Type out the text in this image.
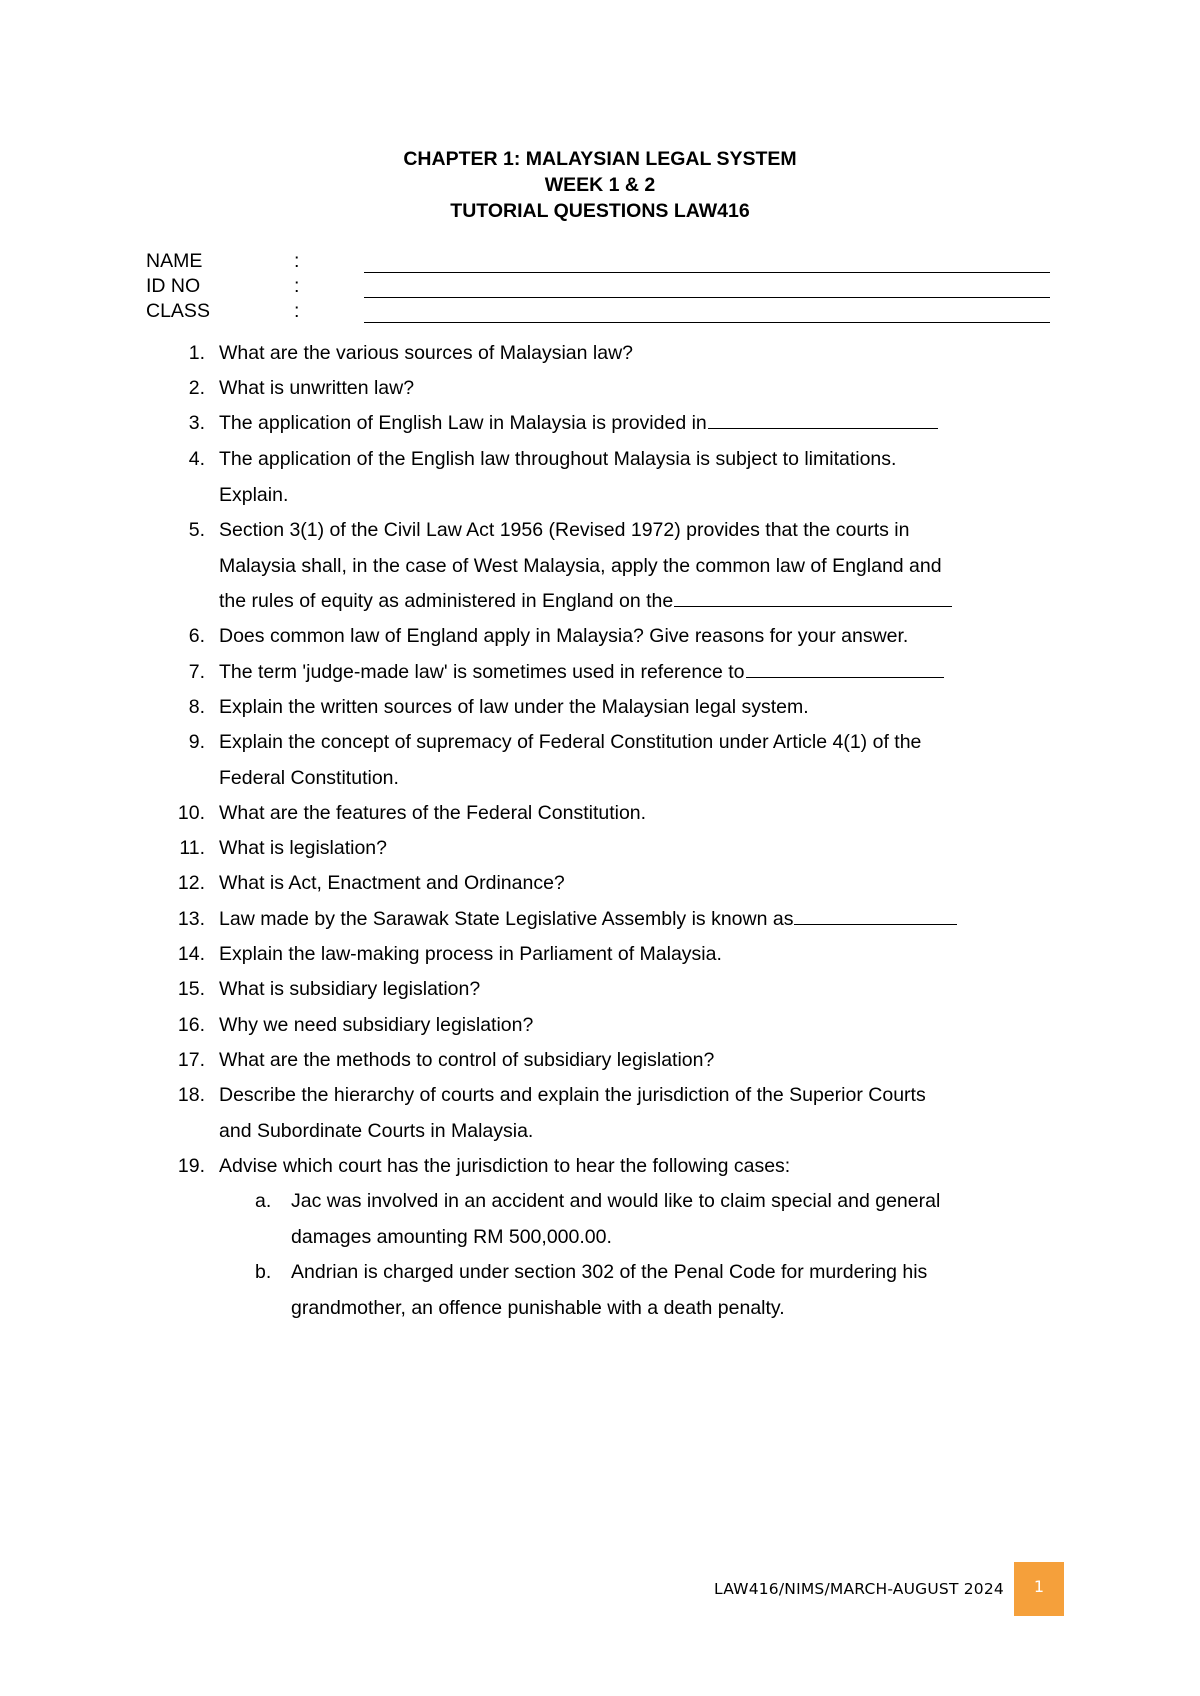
CHAPTER 1: MALAYSIAN LEGAL SYSTEM
WEEK 1 & 2
TUTORIAL QUESTIONS LAW416
NAME	:
ID NO	:
CLASS	:
1. What are the various sources of Malaysian law?
2. What is unwritten law?
3. The application of English Law in Malaysia is provided in
4. The application of the English law throughout Malaysia is subject to limitations.
Explain.
5. Section 3(1) of the Civil Law Act 1956 (Revised 1972) provides that the courts in
Malaysia shall, in the case of West Malaysia, apply the common law of England and
the rules of equity as administered in England on the
6. Does common law of England apply in Malaysia? Give reasons for your answer.
7. The term 'judge-made law' is sometimes used in reference to
8. Explain the written sources of law under the Malaysian legal system.
9. Explain the concept of supremacy of Federal Constitution under Article 4(1) of the
Federal Constitution.
10. What are the features of the Federal Constitution.
11. What is legislation?
12. What is Act, Enactment and Ordinance?
13. Law made by the Sarawak State Legislative Assembly is known as
14. Explain the law-making process in Parliament of Malaysia.
15. What is subsidiary legislation?
16. Why we need subsidiary legislation?
17. What are the methods to control of subsidiary legislation?
18. Describe the hierarchy of courts and explain the jurisdiction of the Superior Courts
and Subordinate Courts in Malaysia.
19. Advise which court has the jurisdiction to hear the following cases:
a. Jac was involved in an accident and would like to claim special and general
damages amounting RM 500,000.00.
b. Andrian is charged under section 302 of the Penal Code for murdering his
grandmother, an offence punishable with a death penalty.
LAW416/NIMS/MARCH-AUGUST 2024	1
